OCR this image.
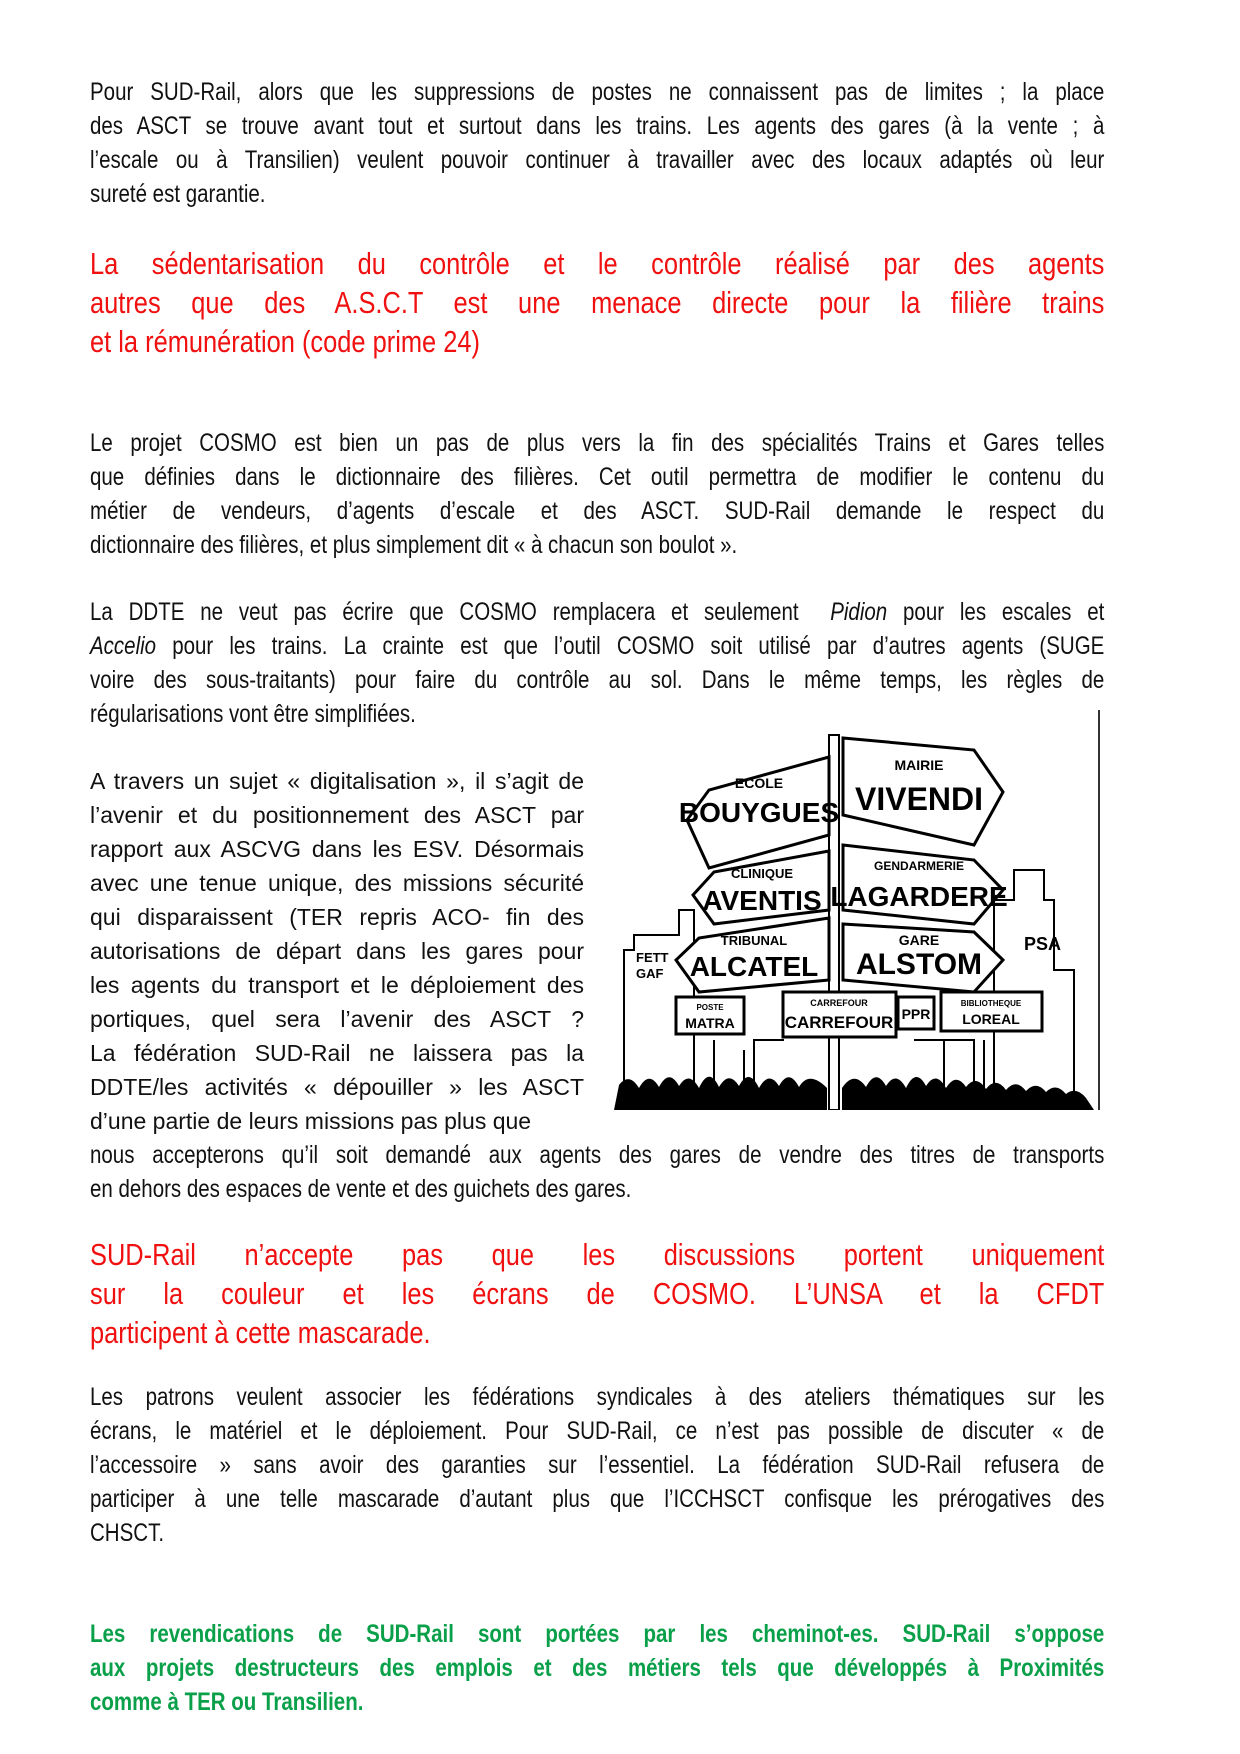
Pour SUD-Rail, alors que les suppressions de postes ne connaissent pas de limites ; la place
des ASCT se trouve avant tout et surtout dans les trains. Les agents des gares (à la vente ; à
l’escale ou à Transilien) veulent pouvoir continuer à travailler avec des locaux adaptés où leur
sureté est garantie.
La sédentarisation du contrôle et le contrôle réalisé par des agents
autres que des A.S.C.T est une menace directe pour la filière trains
et la rémunération (code prime 24)
Le projet COSMO est bien un pas de plus vers la fin des spécialités Trains et Gares telles
que définies dans le dictionnaire des filières. Cet outil permettra de modifier le contenu du
métier de vendeurs, d’agents d’escale et des ASCT. SUD-Rail demande le respect du
dictionnaire des filières, et plus simplement dit « à chacun son boulot ».
La DDTE ne veut pas écrire que COSMO remplacera et seulement  Pidion pour les escales et
Accelio pour les trains. La crainte est que l’outil COSMO soit utilisé par d’autres agents (SUGE
voire des sous-traitants) pour faire du contrôle au sol. Dans le même temps, les règles de
régularisations vont être simplifiées.
A travers un sujet « digitalisation », il s’agit de
l’avenir et du positionnement des ASCT par
rapport aux ASCVG dans les ESV. Désormais
avec une tenue unique, des missions sécurité
qui disparaissent (TER repris ACO- fin des
autorisations de départ dans les gares pour
les agents du transport et le déploiement des
portiques, quel sera l’avenir des ASCT ?
La fédération SUD-Rail ne laissera pas la
DDTE/les activités « dépouiller » les ASCT
d’une partie de leurs missions pas plus que
nous accepterons qu’il soit demandé aux agents des gares de vendre des titres de transports
en dehors des espaces de vente et des guichets des gares.
SUD-Rail n’accepte pas que les discussions portent uniquement
sur la couleur et les écrans de COSMO. L’UNSA et la CFDT
participent à cette mascarade.
Les patrons veulent associer les fédérations syndicales à des ateliers thématiques sur les
écrans, le matériel et le déploiement. Pour SUD-Rail, ce n’est pas possible de discuter « de
l’accessoire » sans avoir des garanties sur l’essentiel. La fédération SUD-Rail refusera de
participer à une telle mascarade d’autant plus que l’ICCHSCT confisque les prérogatives des
CHSCT.
Les revendications de SUD-Rail sont portées par les cheminot-es. SUD-Rail s’oppose
aux projets destructeurs des emplois et des métiers tels que développés à Proximités
comme à TER ou Transilien.
FETT
GAF
PSA
ECOLE
BOUYGUES
CLINIQUE
AVENTIS
TRIBUNAL
ALCATEL
MAIRIE
VIVENDI
GENDARMERIE
LAGARDERE
GARE
ALSTOM
POSTE
MATRA
CARREFOUR
CARREFOUR PPR
BIBLIOTHEQUE
LOREAL
